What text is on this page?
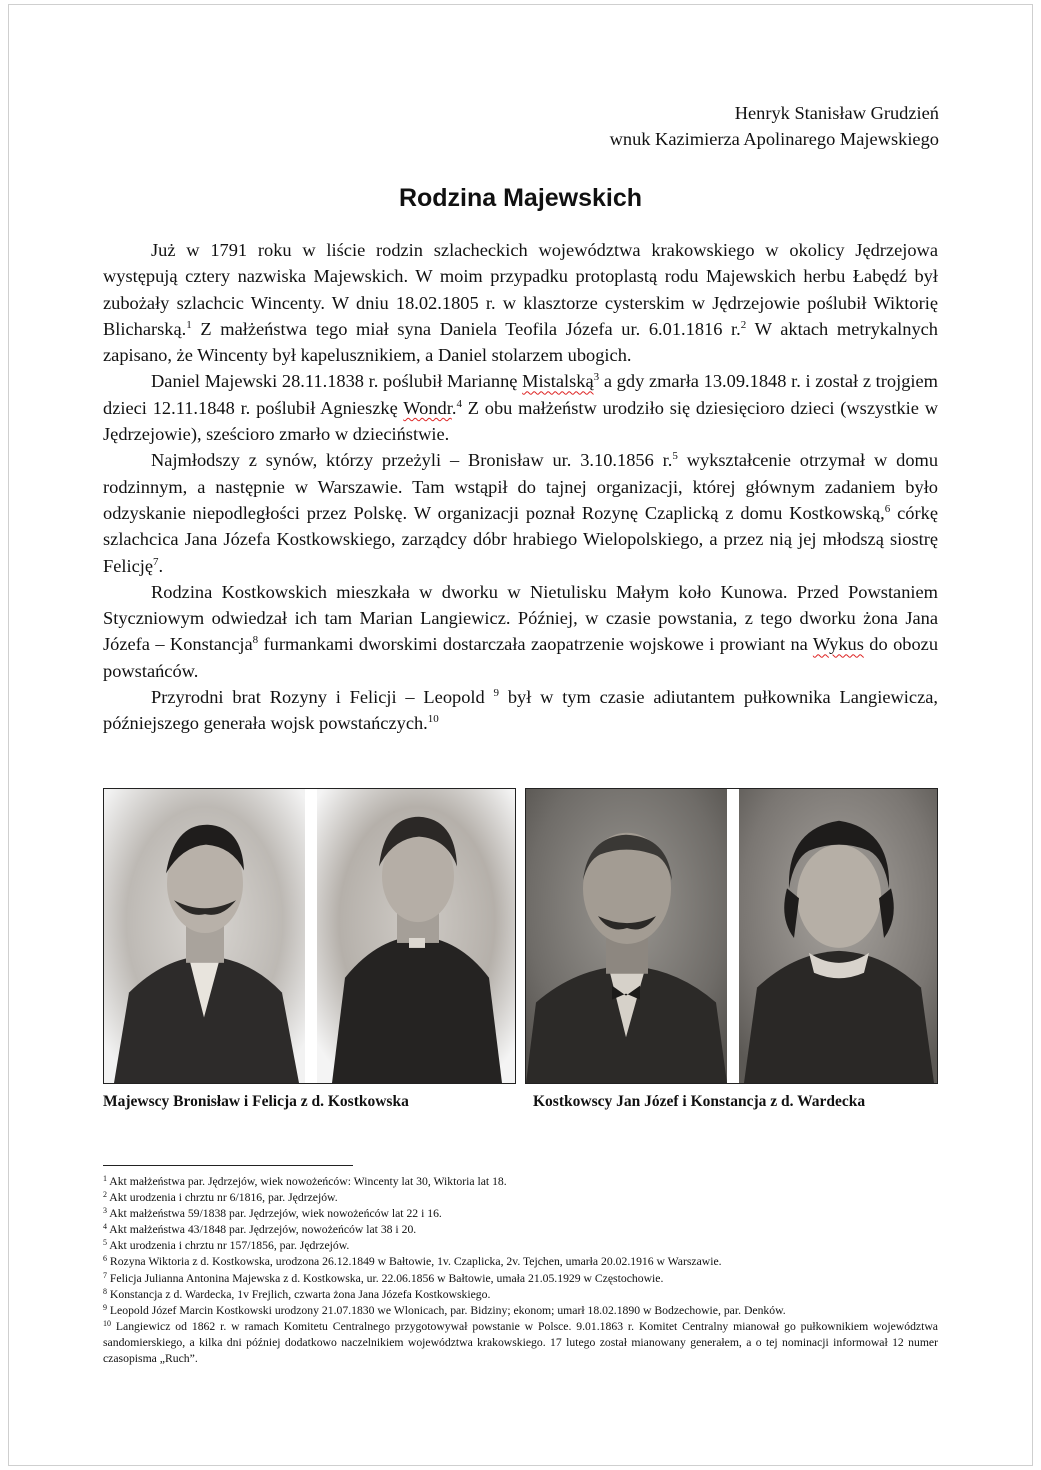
Henryk Stanisław Grudzień
wnuk Kazimierza Apolinarego Majewskiego
Rodzina Majewskich

Już w 1791 roku w liście rodzin szlacheckich województwa krakowskiego w okolicy Jędrzejowa występują cztery nazwiska Majewskich. W moim przypadku protoplastą rodu Majewskich herbu Łabędź był zubożały szlachcic Wincenty. W dniu 18.02.1805 r. w klasztorze cysterskim w Jędrzejowie poślubił Wiktorię Blicharską.$^1$ Z małżeństwa tego miał syna Daniela Teofila Józefa ur. 6.01.1816 r.$^2$ W aktach metrykalnych zapisano, że Wincenty był kapelusznikiem, a Daniel stolarzem ubogich.

Daniel Majewski 28.11.1838 r. poślubił Mariannę Mistalską$^3$ a gdy zmarła 13.09.1848 r. i został z trojgiem dzieci 12.11.1848 r. poślubił Agnieszkę Wondr.$^4$ Z obu małżeństw urodziło się dziesięcioro dzieci (wszystkie w Jędrzejowie), sześcioro zmarło w dzieciństwie.

Najmłodszy z synów, którzy przeżyli – Bronisław ur. 3.10.1856 r.$^5$ wykształcenie otrzymał w domu rodzinnym, a następnie w Warszawie. Tam wstąpił do tajnej organizacji, której głównym zadaniem było odzyskanie niepodległości przez Polskę. W organizacji poznał Rozynę Czaplicką z domu Kostkowską,$^6$ córkę szlachcica Jana Józefa Kostkowskiego, zarządcy dóbr hrabiego Wielopolskiego, a przez nią jej młodszą siostrę Felicję$^7$.

Rodzina Kostkowskich mieszkała w dworku w Nietulisku Małym koło Kunowa. Przed Powstaniem Styczniowym odwiedzał ich tam Marian Langiewicz. Później, w czasie powstania, z tego dworku żona Jana Józefa – Konstancja$^8$ furmankami dworskimi dostarczała zaopatrzenie wojskowe i prowiant na Wykus do obozu powstańców.

Przyrodni brat Rozyny i Felicji – Leopold $^9$ był w tym czasie adiutantem pułkownika Langiewicza, późniejszego generała wojsk powstańczych.$^{10}$

Majewscy Bronisław i Felicja z d. Kostkowska	Kostkowscy Jan Józef i Konstancja z d. Wardecka
$^1$ Akt małżeństwa par. Jędrzejów, wiek nowożeńców: Wincenty lat 30, Wiktoria lat 18.
$^2$ Akt urodzenia i chrztu nr 6/1816, par. Jędrzejów.
$^3$ Akt małżeństwa 59/1838 par. Jędrzejów, wiek nowożeńców lat 22 i 16.
$^4$ Akt małżeństwa 43/1848 par. Jędrzejów, nowożeńców lat 38 i 20.
$^5$ Akt urodzenia i chrztu nr 157/1856, par. Jędrzejów.
$^6$ Rozyna Wiktoria z d. Kostkowska, urodzona 26.12.1849 w Bałtowie, 1v. Czaplicka, 2v. Tejchen, umarła 20.02.1916 w Warszawie.
$^7$ Felicja Julianna Antonina Majewska z d. Kostkowska, ur. 22.06.1856 w Bałtowie, umała 21.05.1929 w Częstochowie.
$^8$ Konstancja z d. Wardecka, 1v Frejlich, czwarta żona Jana Józefa Kostkowskiego.
$^9$ Leopold Józef Marcin Kostkowski urodzony 21.07.1830 we Wlonicach, par. Bidziny; ekonom; umarł 18.02.1890 w Bodzechowie, par. Denków.
$^{10}$ Langiewicz od 1862 r. w ramach Komitetu Centralnego przygotowywał powstanie w Polsce. 9.01.1863 r. Komitet Centralny mianował go pułkownikiem województwa sandomierskiego, a kilka dni później dodatkowo naczelnikiem województwa krakowskiego. 17 lutego został mianowany generałem, a o tej nominacji informował 12 numer czasopisma „Ruch”.
